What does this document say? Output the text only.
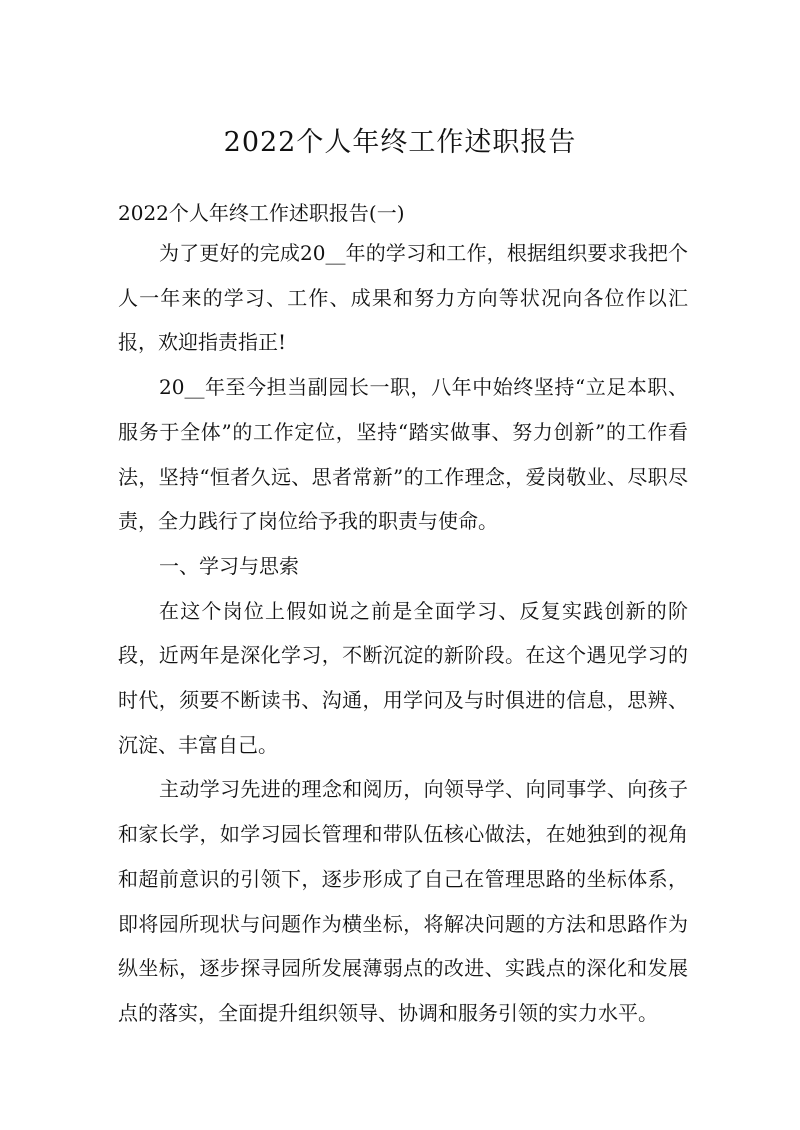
2022个人年终工作述职报告
2022个人年终工作述职报告(一)

为了更好的完成20__年的学习和工作，根据组织要求我把个人一年来的学习、工作、成果和努力方向等状况向各位作以汇报，欢迎指责指正!

20__年至今担当副园长一职，八年中始终坚持“立足本职、服务于全体”的工作定位，坚持“踏实做事、努力创新”的工作看法，坚持“恒者久远、思者常新”的工作理念，爱岗敬业、尽职尽责，全力践行了岗位给予我的职责与使命。

一、学习与思索

在这个岗位上假如说之前是全面学习、反复实践创新的阶段，近两年是深化学习，不断沉淀的新阶段。在这个遇见学习的时代，须要不断读书、沟通，用学问及与时俱进的信息，思辨、沉淀、丰富自己。

主动学习先进的理念和阅历，向领导学、向同事学、向孩子和家长学，如学习园长管理和带队伍核心做法，在她独到的视角和超前意识的引领下，逐步形成了自己在管理思路的坐标体系，即将园所现状与问题作为横坐标，将解决问题的方法和思路作为纵坐标，逐步探寻园所发展薄弱点的改进、实践点的深化和发展点的落实，全面提升组织领导、协调和服务引领的实力水平。
